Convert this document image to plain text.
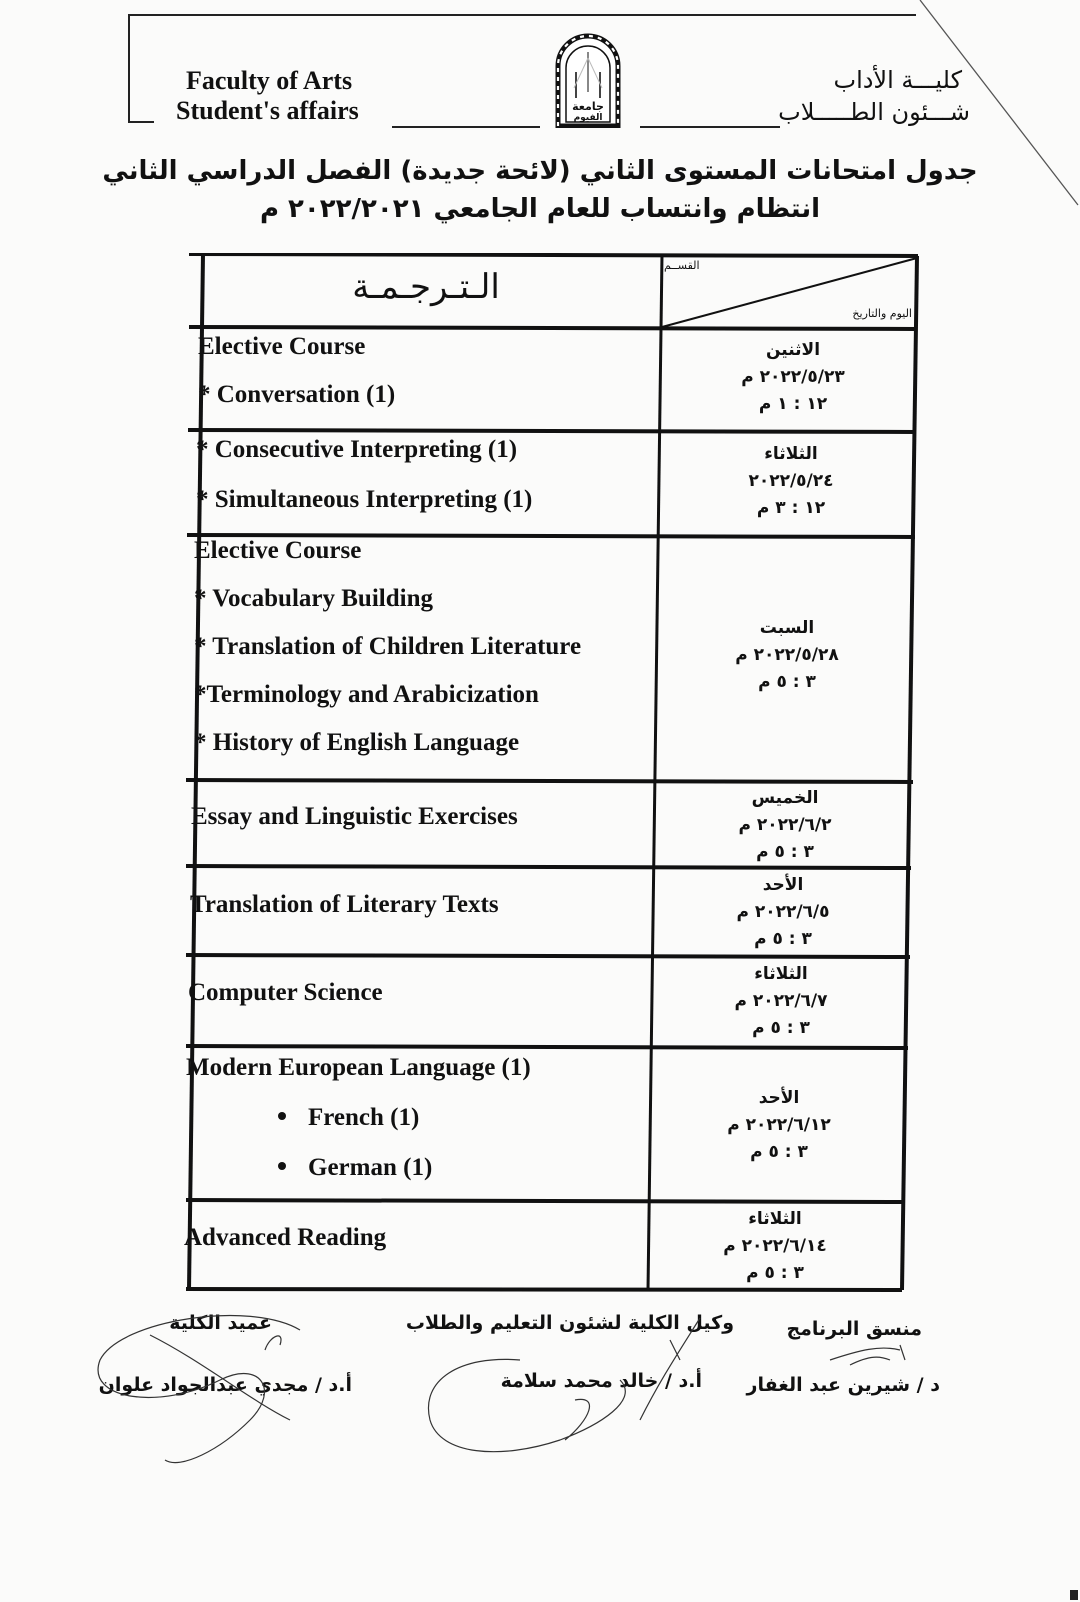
Faculty of Arts
Student's affairs
كليـــة الأداب
شـــئون الطـــــلاب
جامعة
الفيوم
جدول امتحانات المستوى الثاني (لائحة جديدة) الفصل الدراسي الثاني
انتظام وانتساب للعام الجامعي ٢٠٢٢/٢٠٢١ م
الـتـرجـمـة
القســم
اليوم والتاريخ
Elective Course
* Conversation (1)
الاثنين
٢٠٢٢/٥/٢٣ م
١٢ : ١ م
* Consecutive Interpreting (1)
* Simultaneous Interpreting (1)
الثلاثاء
٢٠٢٢/٥/٢٤
١٢ : ٣ م
Elective Course
* Vocabulary Building
* Translation of Children Literature
*Terminology and Arabicization
* History of English Language
السبت
٢٠٢٢/٥/٢٨ م
٣ : ٥ م
Essay and Linguistic Exercises
الخميس
٢٠٢٢/٦/٢ م
٣ : ٥ م
Translation of Literary Texts
الأحد
٢٠٢٢/٦/٥ م
٣ : ٥ م
Computer Science
الثلاثاء
٢٠٢٢/٦/٧ م
٣ : ٥ م
Modern European Language (1)
French (1)
German (1)
الأحد
٢٠٢٢/٦/١٢ م
٣ : ٥ م
Advanced Reading
الثلاثاء
٢٠٢٢/٦/١٤ م
٣ : ٥ م
منسق البرنامج
د / شيرين عبد الغفار
وكيل الكلية لشئون التعليم والطلاب
أ.د / خالد محمد سلامة
عميد الكلية
أ.د / مجدي عبدالجواد علوان
